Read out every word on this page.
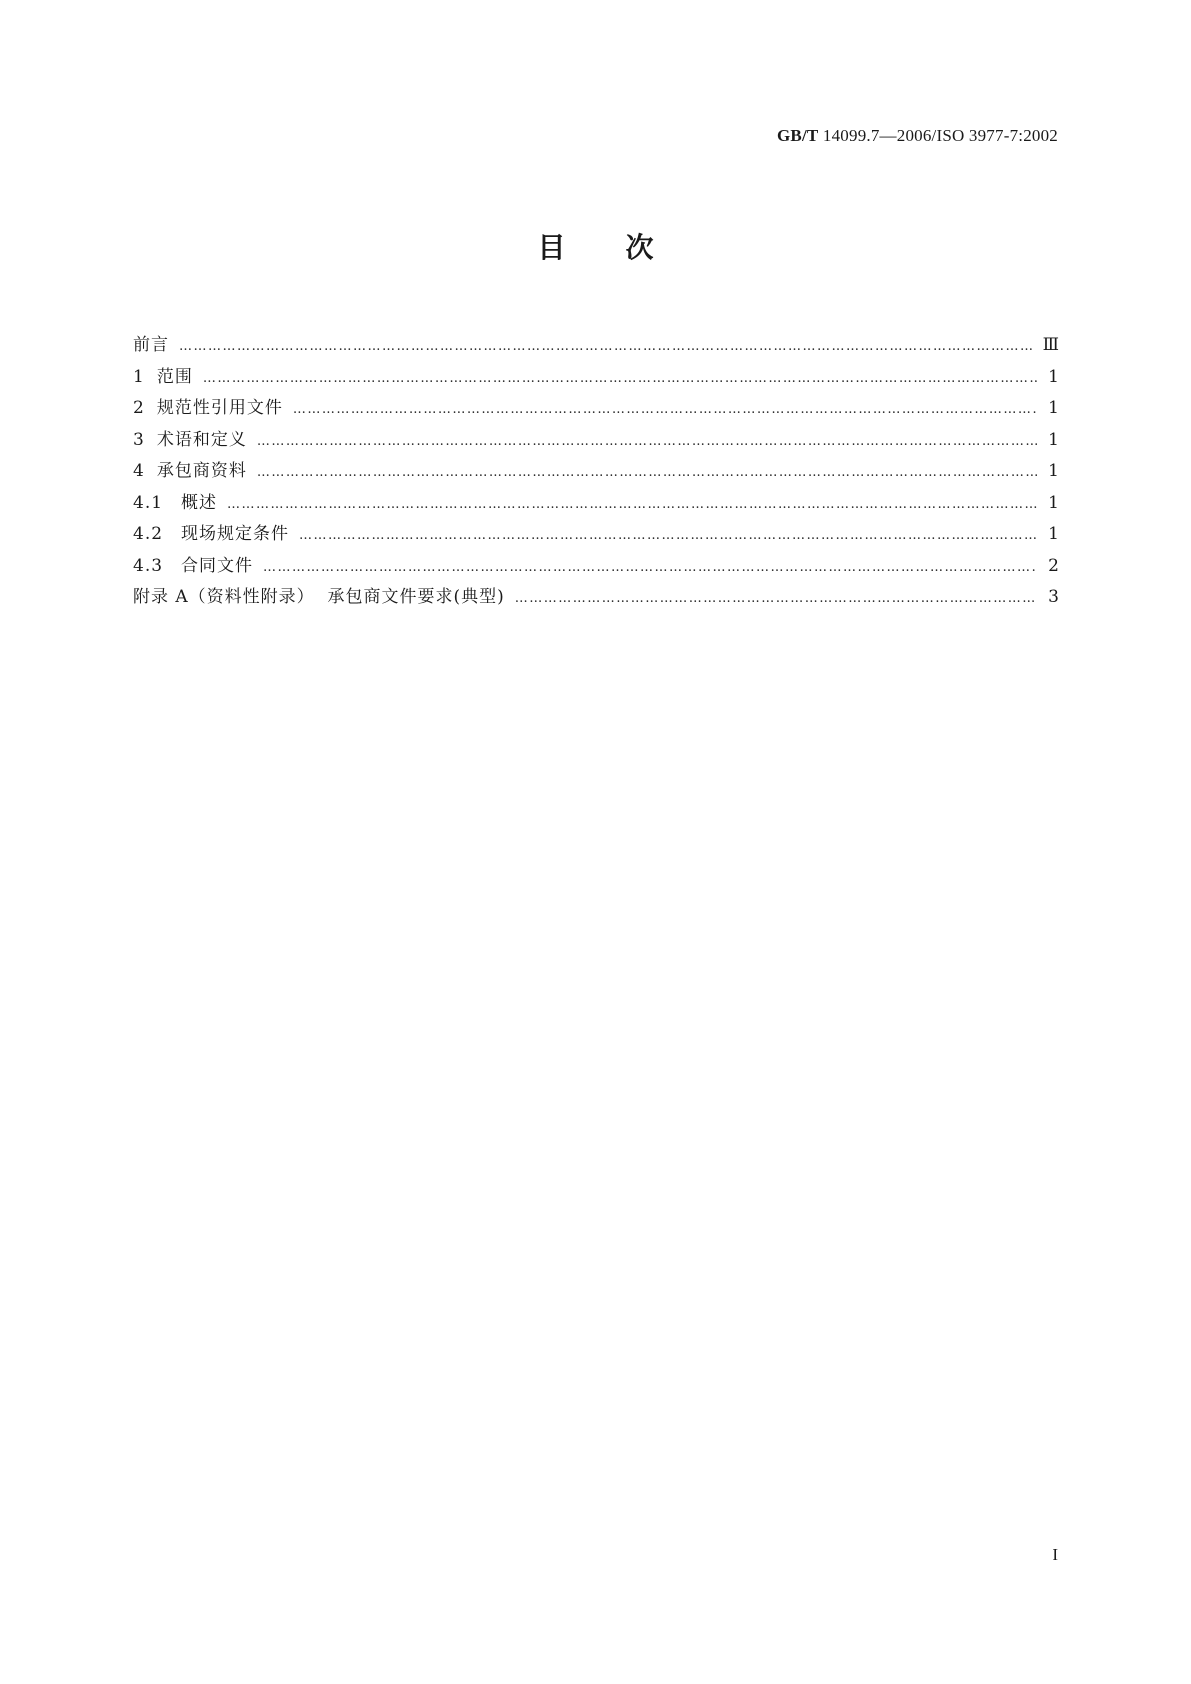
GB/T 14099.7—2006/ISO 3977-7:2002
目 次
前言 …………………………………………………………………………………………………………………………………………………………………………………………………………	Ⅲ
1 范围 …………………………………………………………………………………………………………………………………………………………………………………………………………	1
2 规范性引用文件 …………………………………………………………………………………………………………………………………………………………………………………………………………	1
3 术语和定义 …………………………………………………………………………………………………………………………………………………………………………………………………………	1
4 承包商资料 …………………………………………………………………………………………………………………………………………………………………………………………………………	1
4.1 概述 …………………………………………………………………………………………………………………………………………………………………………………………………………	1
4.2 现场规定条件 …………………………………………………………………………………………………………………………………………………………………………………………………………	1
4.3 合同文件 …………………………………………………………………………………………………………………………………………………………………………………………………………	2
附录 A（资料性附录）  承包商文件要求(典型) …………………………………………………………………………………………………………………………………………………………………………………………………………	3
I
